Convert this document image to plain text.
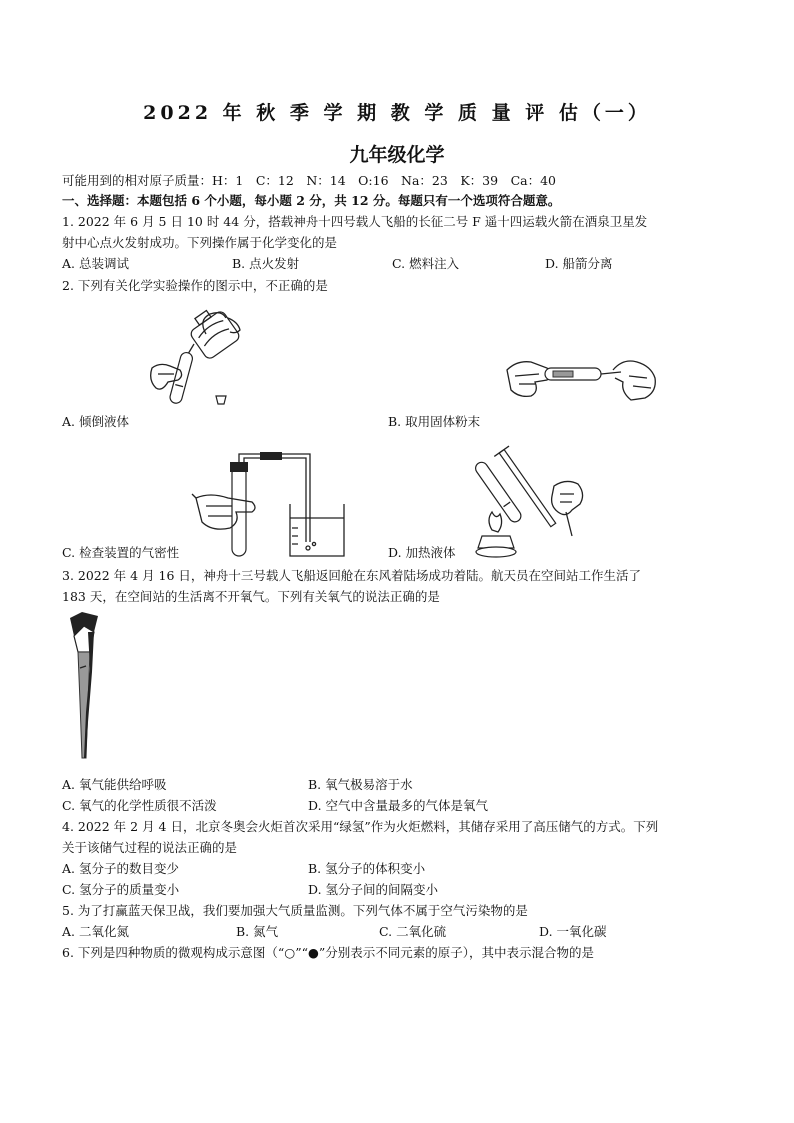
2022 年 秋 季 学 期 教 学 质 量 评 估（一）
九年级化学
可能用到的相对原子质量：H：1　C：12　N：14　O:16　Na：23　K：39　Ca：40
一、选择题：本题包括 6 个小题，每小题 2 分，共 12 分。每题只有一个选项符合题意。
1. 2022 年 6 月 5 日 10 时 44 分，搭载神舟十四号载人飞船的长征二号 F 遥十四运载火箭在酒泉卫星发
射中心点火发射成功。下列操作属于化学变化的是
A. 总装调试	B. 点火发射	C. 燃料注入	D. 船箭分离
2. 下列有关化学实验操作的图示中，不正确的是
A. 倾倒液体	B. 取用固体粉末
C. 检查装置的气密性	D. 加热液体
3. 2022 年 4 月 16 日，神舟十三号载人飞船返回舱在东风着陆场成功着陆。航天员在空间站工作生活了
183 天，在空间站的生活离不开氧气。下列有关氧气的说法正确的是
A. 氧气能供给呼吸	B. 氧气极易溶于水
C. 氧气的化学性质很不活泼	D. 空气中含量最多的气体是氧气
4. 2022 年 2 月 4 日，北京冬奥会火炬首次采用“绿氢”作为火炬燃料，其储存采用了高压储气的方式。下列
关于该储气过程的说法正确的是
A. 氢分子的数目变少	B. 氢分子的体积变小
C. 氢分子的质量变小	D. 氢分子间的间隔变小
5. 为了打赢蓝天保卫战，我们要加强大气质量监测。下列气体不属于空气污染物的是
A. 二氧化氮	B. 氮气	C. 二氧化硫	D. 一氧化碳
6. 下列是四种物质的微观构成示意图（“○”“●”分别表示不同元素的原子），其中表示混合物的是
